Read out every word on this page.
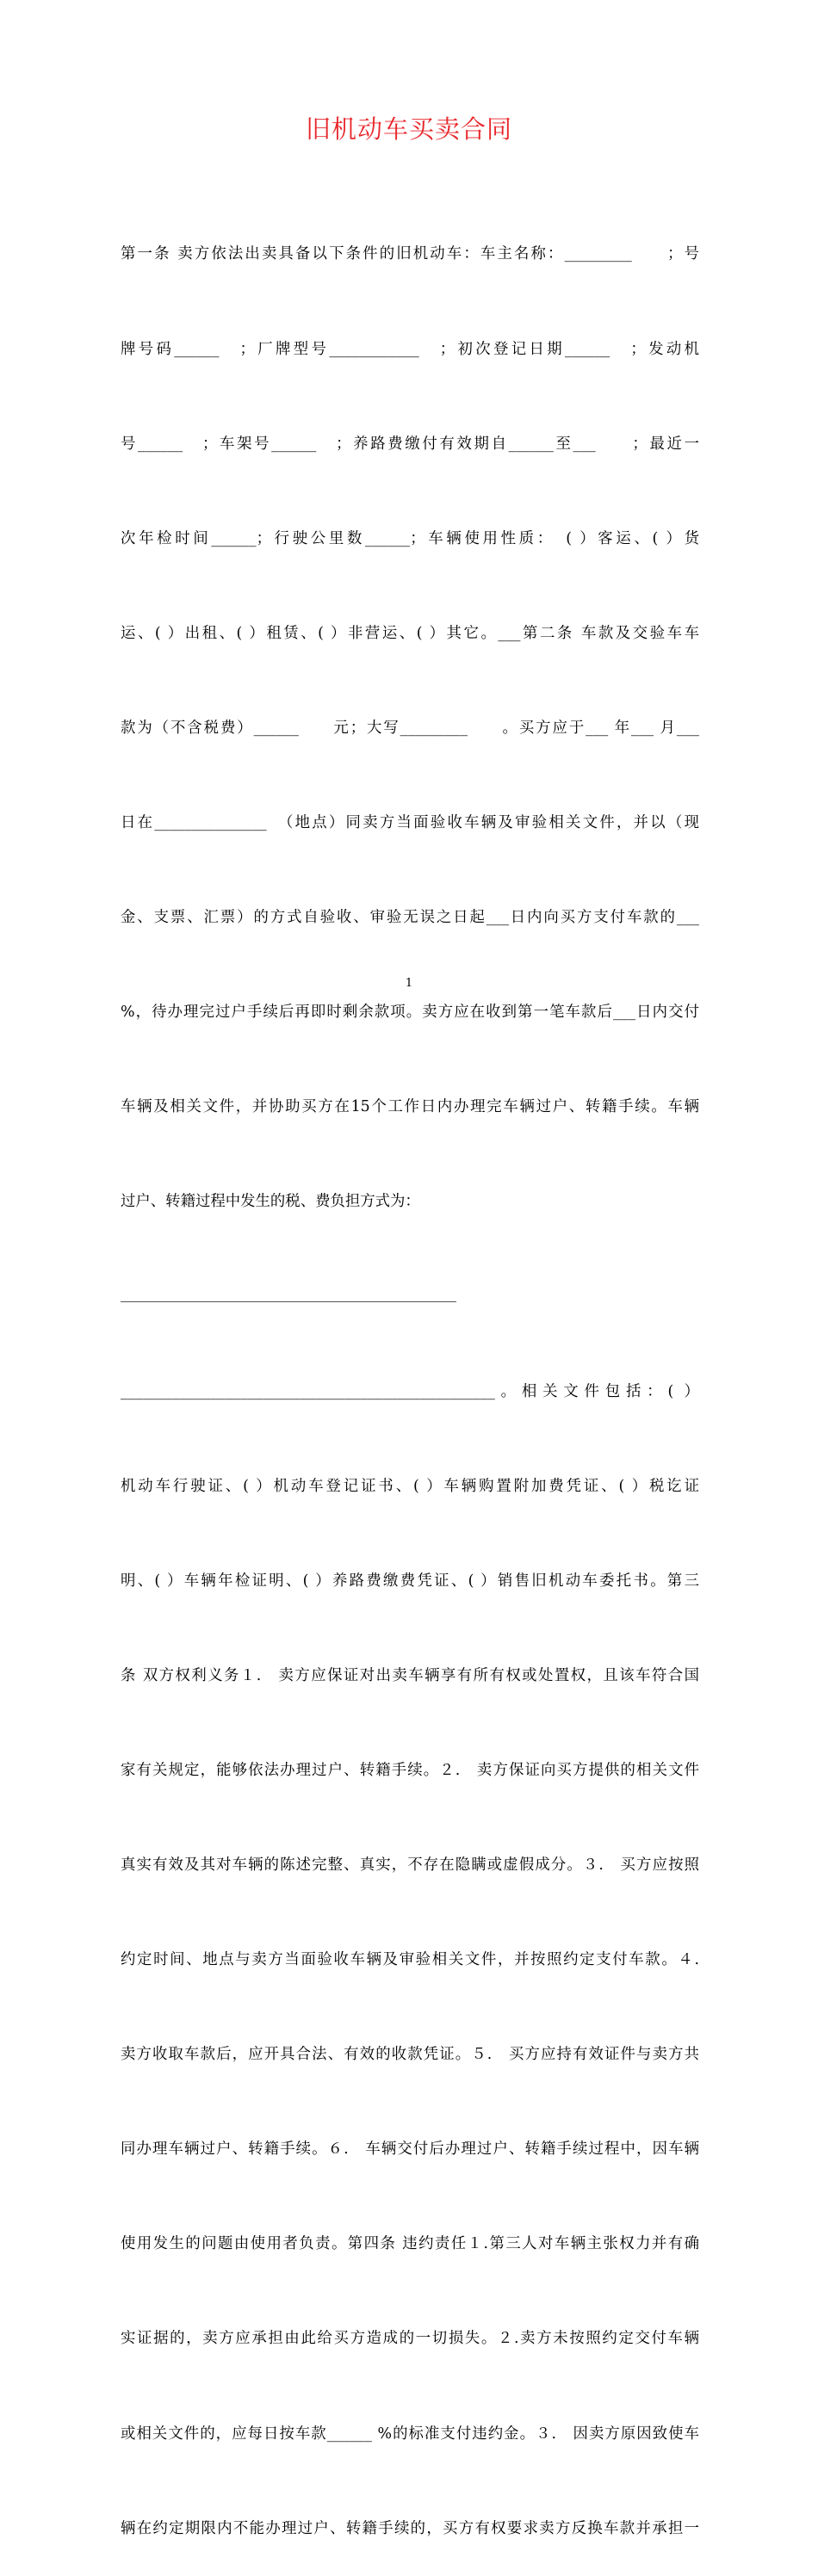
旧机动车买卖合同

第一条 卖方依法出卖具备以下条件的旧机动车：车主名称：_________　　；号

牌号码______　；厂牌型号____________　；初次登记日期______　；发动机

号______　；车架号______　；养路费缴付有效期自______至___　　；最近一

次年检时间______；行驶公里数______；车辆使用性质：　( ）客运、( ）货

运、( ）出租、( ）租赁、( ）非营运、( ）其它。___第二条 车款及交验车车

款为（不含税费）______　　元；大写_________　　。买方应于___ 年___ 月___

日在_______________　（地点）同卖方当面验收车辆及审验相关文件，并以（现

金、支票、汇票）的方式自验收、审验无误之日起___日内向买方支付车款的___

%，待办理完过户手续后再即时剩余款项。卖方应在收到第一笔车款后___日内交付

车辆及相关文件，并协助买方在15个工作日内办理完车辆过户、转籍手续。车辆

过户、转籍过程中发生的税、费负担方式为：

__________________________________________________。相关文件包括：( ）

机动车行驶证、( ）机动车登记证书、( ）车辆购置附加费凭证、( ）税讫证

明、( ）车辆年检证明、( ）养路费缴费凭证、( ）销售旧机动车委托书。第三

条 双方权利义务１.　卖方应保证对出卖车辆享有所有权或处置权，且该车符合国

家有关规定，能够依法办理过户、转籍手续。２.　卖方保证向买方提供的相关文件

真实有效及其对车辆的陈述完整、真实，不存在隐瞒或虚假成分。３.　买方应按照

约定时间、地点与卖方当面验收车辆及审验相关文件，并按照约定支付车款。４.

卖方收取车款后，应开具合法、有效的收款凭证。５.　买方应持有效证件与卖方共

同办理车辆过户、转籍手续。６.　车辆交付后办理过户、转籍手续过程中，因车辆

使用发生的问题由使用者负责。第四条 违约责任１.第三人对车辆主张权力并有确

实证据的，卖方应承担由此给买方造成的一切损失。２.卖方未按照约定交付车辆

或相关文件的，应每日按车款______ %的标准支付违约金。３.　因卖方原因致使车

辆在约定期限内不能办理过户、转籍手续的，买方有权要求卖方反换车款并承担一

1
